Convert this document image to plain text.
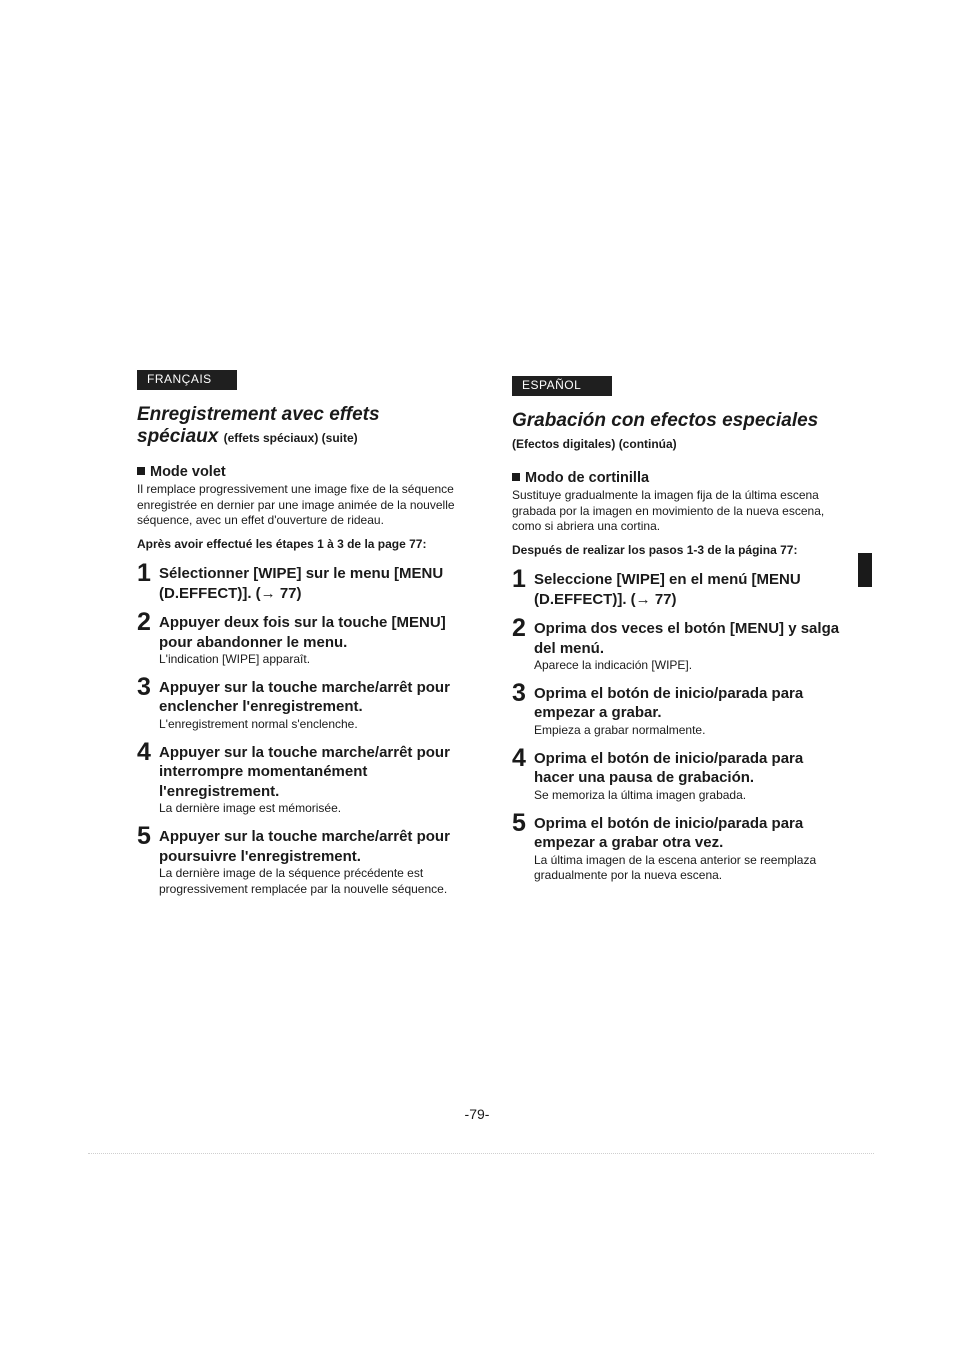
FRANÇAIS
Enregistrement avec effets
spéciaux (effets spéciaux) (suite)
Mode volet
Il remplace progressivement une image fixe de la séquence enregistrée en dernier par une image animée de la nouvelle séquence, avec un effet d'ouverture de rideau.
Après avoir effectué les étapes 1 à 3 de la page 77:
1 Sélectionner [WIPE] sur le menu [MENU (D.EFFECT)]. (→ 77)
2 Appuyer deux fois sur la touche [MENU] pour abandonner le menu.
L'indication [WIPE] apparaît.
3 Appuyer sur la touche marche/arrêt pour enclencher l'enregistrement.
L'enregistrement normal s'enclenche.
4 Appuyer sur la touche marche/arrêt pour interrompre momentanément l'enregistrement.
La dernière image est mémorisée.
5 Appuyer sur la touche marche/arrêt pour poursuivre l'enregistrement.
La dernière image de la séquence précédente est progressivement remplacée par la nouvelle séquence.
ESPAÑOL
Grabación con efectos especiales
(Efectos digitales) (continúa)
Modo de cortinilla
Sustituye gradualmente la imagen fija de la última escena grabada por la imagen en movimiento de la nueva escena, como si abriera una cortina.
Después de realizar los pasos 1-3 de la página 77:
1 Seleccione [WIPE] en el menú [MENU (D.EFFECT)]. (→ 77)
2 Oprima dos veces el botón [MENU] y salga del menú.
Aparece la indicación [WIPE].
3 Oprima el botón de inicio/parada para empezar a grabar.
Empieza a grabar normalmente.
4 Oprima el botón de inicio/parada para hacer una pausa de grabación.
Se memoriza la última imagen grabada.
5 Oprima el botón de inicio/parada para empezar a grabar otra vez.
La última imagen de la escena anterior se reemplaza gradualmente por la nueva escena.
-79-
